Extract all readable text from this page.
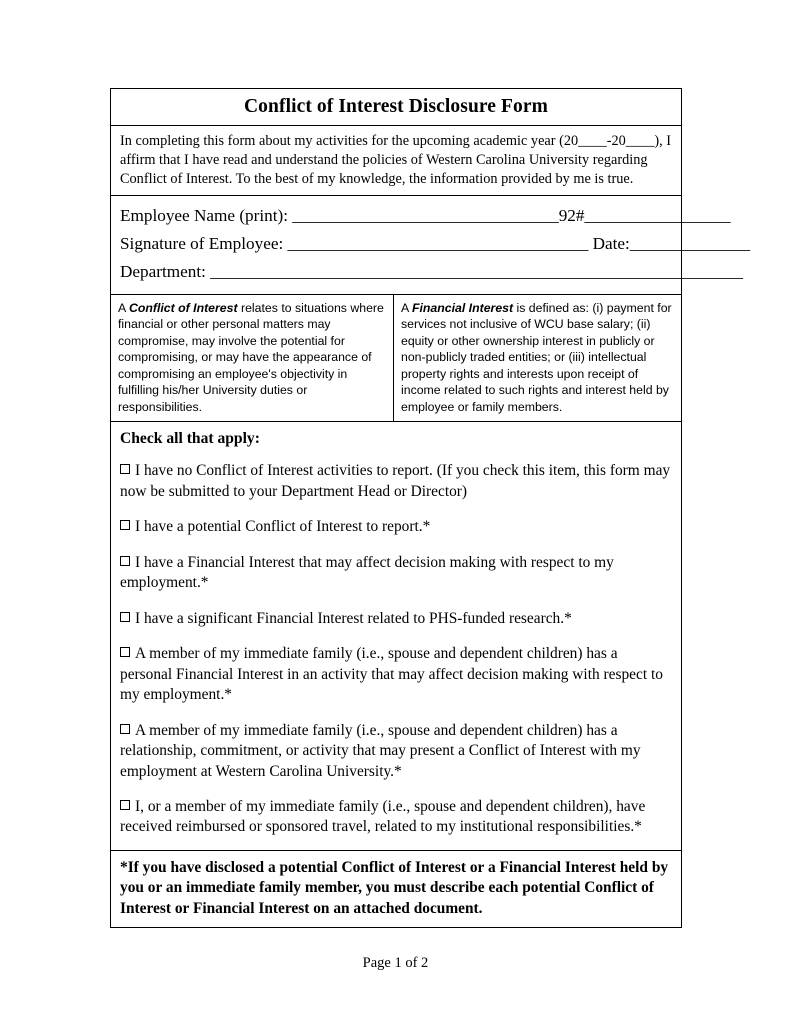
Conflict of Interest Disclosure Form
In completing this form about my activities for the upcoming academic year (20____-20____), I affirm that I have read and understand the policies of Western Carolina University regarding Conflict of Interest. To the best of my knowledge, the information provided by me is true.
Employee Name (print): _______________________________92#_________________
Signature of Employee: ___________________________________ Date:______________
Department: ______________________________________________________________
A Conflict of Interest relates to situations where financial or other personal matters may compromise, may involve the potential for compromising, or may have the appearance of compromising an employee's objectivity in fulfilling his/her University duties or responsibilities.
A Financial Interest is defined as: (i) payment for services not inclusive of WCU base salary; (ii) equity or other ownership interest in publicly or non-publicly traded entities; or (iii) intellectual property rights and interests upon receipt of income related to such rights and interest held by employee or family members.
Check all that apply:
I have no Conflict of Interest activities to report. (If you check this item, this form may now be submitted to your Department Head or Director)
I have a potential Conflict of Interest to report.*
I have a Financial Interest that may affect decision making with respect to my employment.*
I have a significant Financial Interest related to PHS-funded research.*
A member of my immediate family (i.e., spouse and dependent children) has a personal Financial Interest in an activity that may affect decision making with respect to my employment.*
A member of my immediate family (i.e., spouse and dependent children) has a relationship, commitment, or activity that may present a Conflict of Interest with my employment at Western Carolina University.*
I, or a member of my immediate family (i.e., spouse and dependent children), have received reimbursed or sponsored travel, related to my institutional responsibilities.*
*If you have disclosed a potential Conflict of Interest or a Financial Interest held by you or an immediate family member, you must describe each potential Conflict of Interest or Financial Interest on an attached document.
Page 1 of 2
